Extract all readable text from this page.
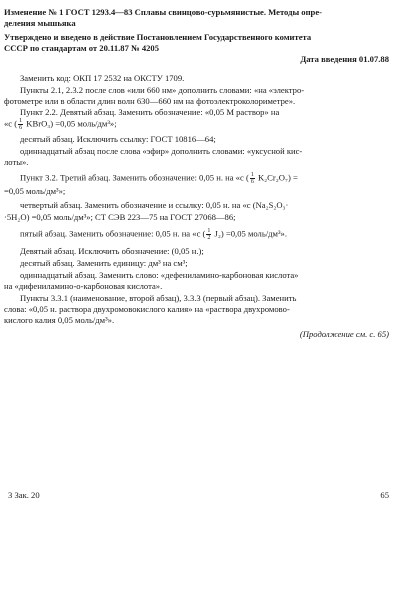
Изменение № 1 ГОСТ 1293.4—83 Сплавы свинцово-сурьмянистые. Методы опре-
деления мышьяка
Утверждено и введено в действие Постановлением Государственного комитета
СССР по стандартам от 20.11.87 № 4205
Дата введения 01.07.88
Заменить код: ОКП 17 2532 на ОКСТУ 1709.
Пункты 2.1, 2.3.2 после слов «или 660 нм» дополнить словами: «на «электро-
фотометре или в области длин волн 630—660 нм на фотоэлектроколориметре».
Пункт 2.2. Девятый абзац. Заменить обозначение: «0,05 М раствор» на
«с ( $\frac{1}{6}$ KBrO₃) =0,05 моль/дм³»;
десятый абзац. Исключить ссылку: ГОСТ 10816—64;
одиннадцатый абзац после слова «эфир» дополнить словами: «уксусной кис-
лоты».
Пункт 3.2. Третий абзац. Заменить обозначение: 0,05 н. на «с ( $\frac{1}{6} K_2Cr_2O_7$) =
=0,05 моль/дм³»;
четвертый абзац. Заменить обозначение и ссылку: 0,05 н. на «с (Na₂S₂O₃·
·5H₂O) =0,05 моль/дм³»; СТ СЭВ 223—75 на ГОСТ 27068—86;
пятый абзац. Заменить обозначение: 0,05 н. на «с ( $\frac{1}{2} J_2) =0,05$ моль/дм³».
Девятый абзац. Исключить обозначение: (0,05 н.);
десятый абзац. Заменить единицу: дм³ на см³;
одиннадцатый абзац. Заменить слово: «дефениламино-карбоновая кислота»
на «дифениламино-о-карбоновая кислота».
Пункты 3.3.1 (наименование, второй абзац), 3.3.3 (первый абзац). Заменить
слова: «0,05 н. раствора двухромовокислого калия» на «раствора двухромово-
кислого калия 0,05 моль/дм³».
(Продолжение см. с. 65)
3 Зак. 20	65
